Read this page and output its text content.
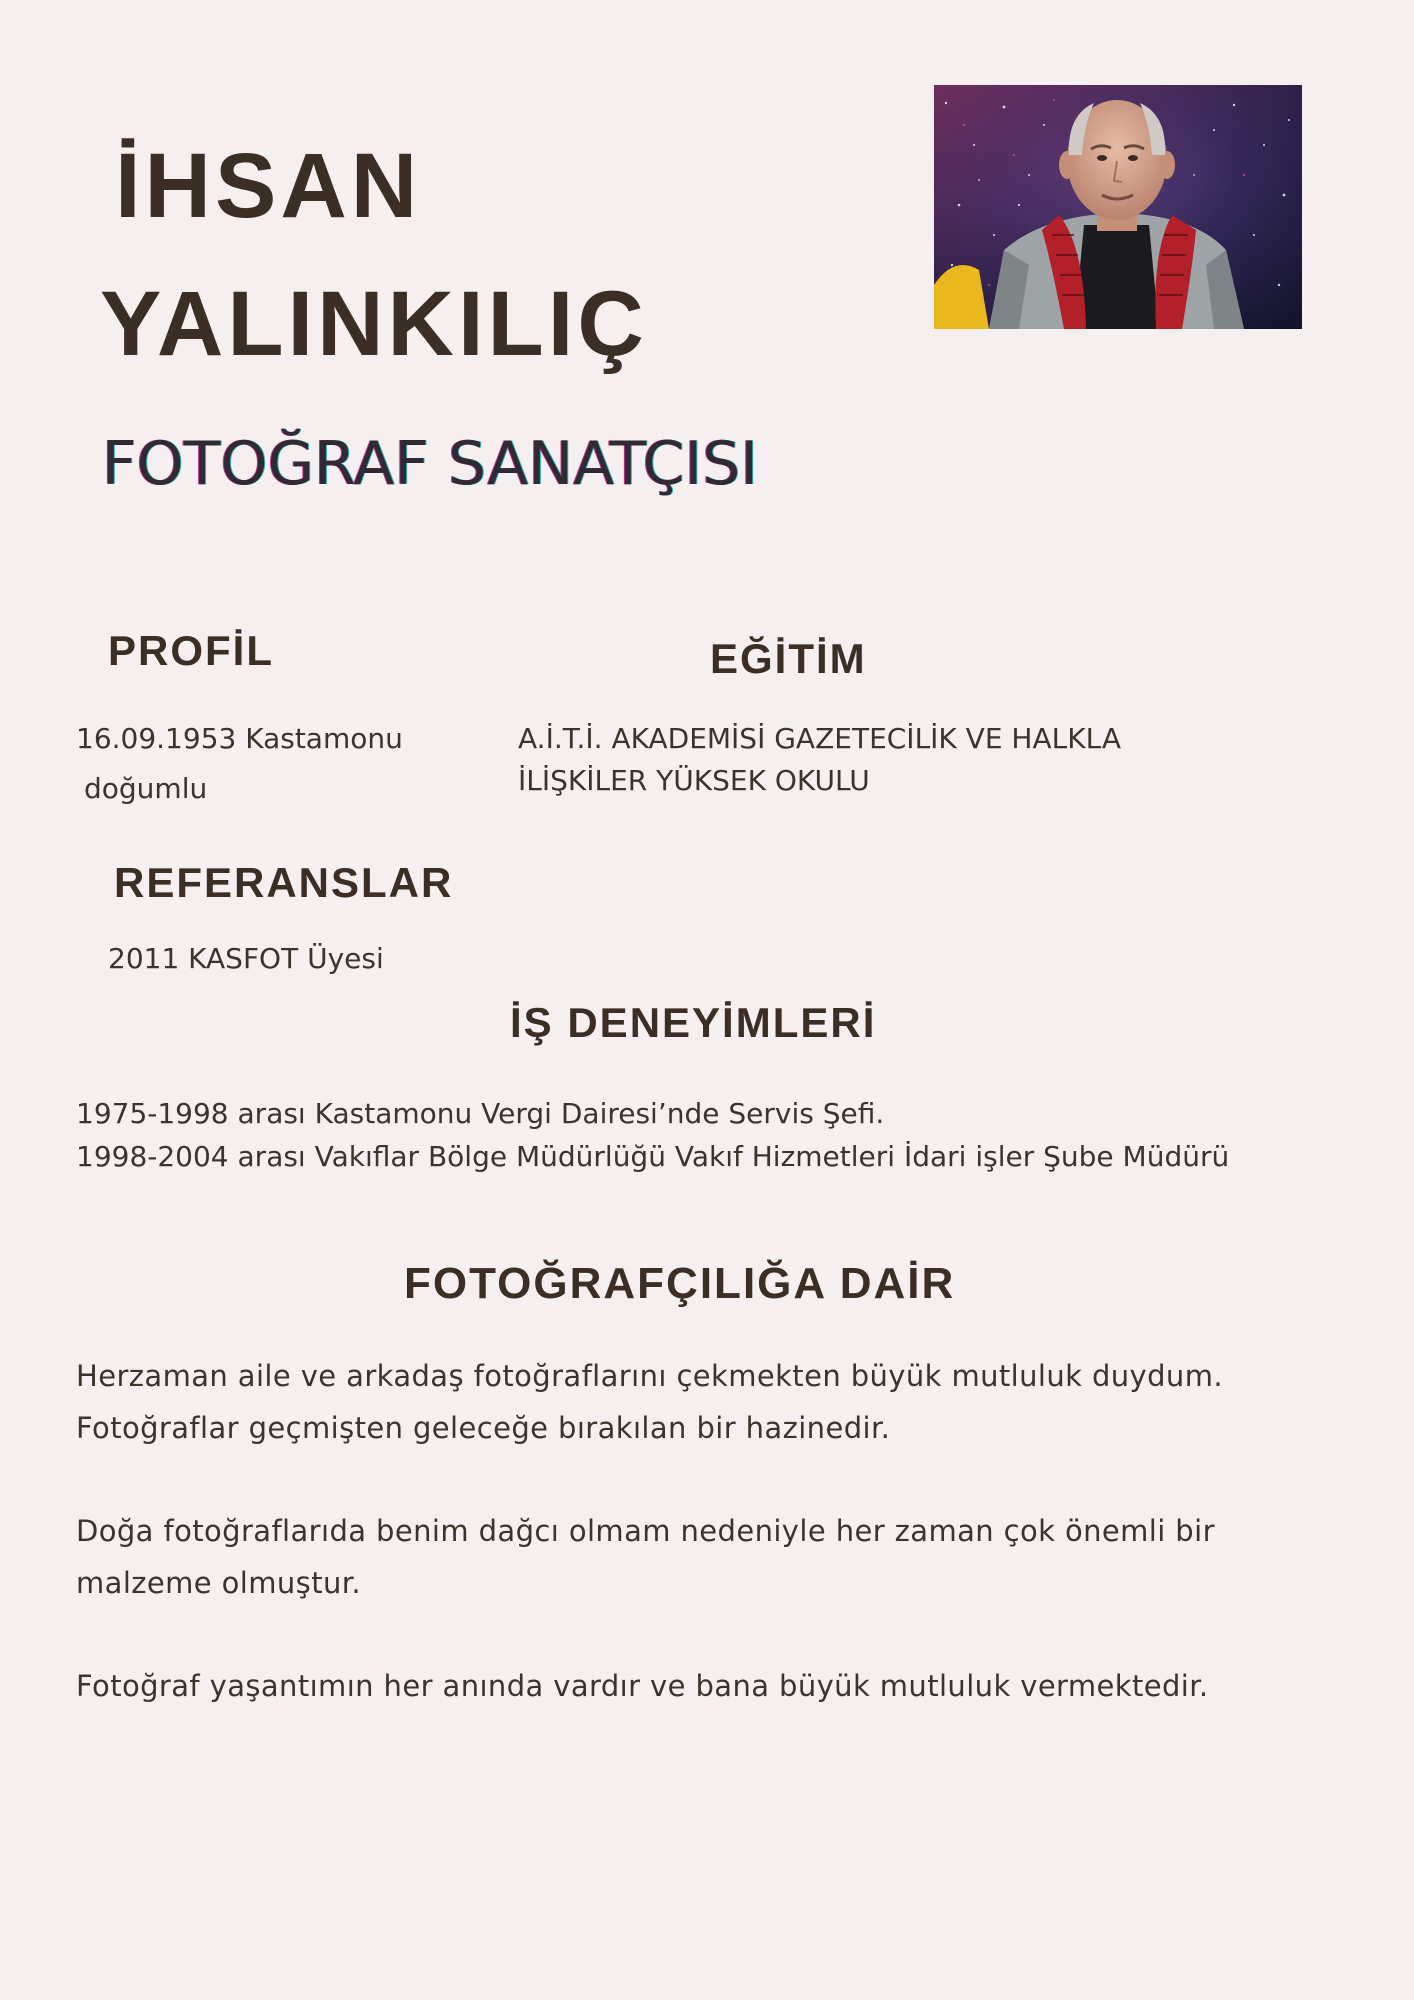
İHSAN
YALINKILIÇ
FOTOĞRAF SANATÇISI
PROFİL
16.09.1953 Kastamonu
doğumlu
EĞİTİM
A.İ.T.İ. AKADEMİSİ GAZETECİLİK VE HALKLA
İLİŞKİLER YÜKSEK OKULU
REFERANSLAR
2011 KASFOT Üyesi
İŞ DENEYİMLERİ
1975-1998 arası Kastamonu Vergi Dairesi’nde Servis Şefi.
1998-2004 arası Vakıflar Bölge Müdürlüğü Vakıf Hizmetleri İdari işler Şube Müdürü
FOTOĞRAFÇILIĞA DAİR
Herzaman aile ve arkadaş fotoğraflarını çekmekten büyük mutluluk duydum.
Fotoğraflar geçmişten geleceğe bırakılan bir hazinedir.
Doğa fotoğraflarıda benim dağcı olmam nedeniyle her zaman çok önemli bir
malzeme olmuştur.
Fotoğraf yaşantımın her anında vardır ve bana büyük mutluluk vermektedir.
